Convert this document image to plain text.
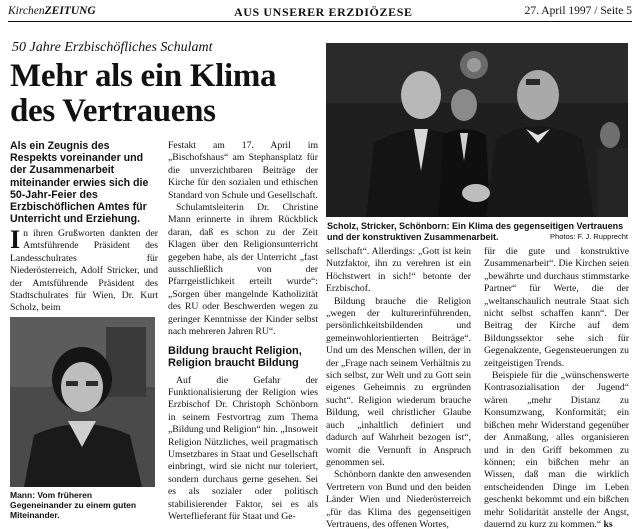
KirchenZEITUNG	AUS UNSERER ERZDIÖZESE	27. April 1997 / Seite 5
50 Jahre Erzbischöfliches Schulamt
Mehr als ein Klima des Vertrauens
Scholz, Stricker, Schönborn: Ein Klima des gegenseitigen Vertrauens und der konstruktiven Zusammenarbeit.	Photos: F. J. Rupprecht
Als ein Zeugnis des Respekts voreinander und der Zusammenarbeit miteinander erwies sich die 50-Jahr-Feier des Erzbischöflichen Amtes für Unterricht und Erziehung.

In ihren Grußworten dankten der Amtsführende Präsident des Landesschulrates für Niederösterreich, Adolf Stricker, und der Amtsführende Präsident des Stadtschulrates für Wien, Dr. Kurt Scholz, beim

Mann: Vom früheren Gegeneinander zu einem guten Miteinander.

Festakt am 17. April im „Bischofshaus“ am Stephansplatz für die unverzichtbaren Beiträge der Kirche für den sozialen und ethischen Standard von Schule und Gesellschaft.

Schulamtsleiterin Dr. Christine Mann erinnerte in ihrem Rückblick daran, daß es schon zu der Zeit Klagen über den Religionsunterricht gegeben habe, als der Unterricht „fast ausschließlich von der Pfarrgeistlichkeit erteilt wurde“: „Sorgen über mangelnde Katholizität des RU oder Beschwerden wegen zu geringer Kenntnisse der Kinder selbst nach mehreren Jahren RU“.

Bildung braucht Religion, Religion braucht Bildung

Auf die Gefahr der Funktionalisierung der Religion wies Erzbischof Dr. Christoph Schönborn in seinem Festvortrag zum Thema „Bildung und Religion“ hin. „Insoweit Religion Nützliches, weil pragmatisch Umsetzbares in Staat und Gesellschaft einbringt, wird sie nicht nur toleriert, sondern durchaus gerne gesehen. Sei es als sozialer oder politisch stabilisierender Faktor, sei es als Werteflieferant für Staat und Ge-

sellschaft“. Allerdings: „Gott ist kein Nutzfaktor, ihn zu verehren ist ein Höchstwert in sich!“ betonte der Erzbischof.

Bildung brauche die Religion „wegen der kulturerinführenden, persönlichkeitsbildenden und gemeinwohlorientierten Beiträge“. Und um des Menschen willen, der in der „Frage nach seinem Verhältnis zu sich selbst, zur Welt und zu Gott sein eigenes Geheimnis zu ergründen sucht“. Religion wiederum brauche Bildung, weil christlicher Glaube auch „inhaltlich definiert und dadurch auf Wahrheit bezogen ist“, womit die Vernunft in Anspruch genommen sei.

Schönborn dankte den anwesenden Vertretern von Bund und den beiden Länder Wien und Niederösterreich „für das Klima des gegenseitigen Vertrauens, des offenen Wortes,

für die gute und konstruktive Zusammenarbeit“. Die Kirchen seien „bewährte und durchaus stimmstarke Partner“ für Werte, die der „weltanschaulich neutrale Staat sich nicht selbst schaffen kann“. Der Beitrag der Kirche auf dem Bildungssektor sehe sich für Gegenakzente, Gegensteuerungen zu zeitgeistigen Trends.

Beispiele für die „wünschenswerte Kontrasozialisation der Jugend“ wären „mehr Distanz zu Konsumzwang, Konformität; ein bißchen mehr Widerstand gegenüber der Anmaßung, alles organisieren und in den Griff bekommen zu können; ein bißchen mehr an Wissen, daß man die wirklich entscheidenden Dinge im Leben geschenkt bekommt und ein bißchen mehr Solidarität anstelle der Angst, dauernd zu kurz zu kommen.“ ks
